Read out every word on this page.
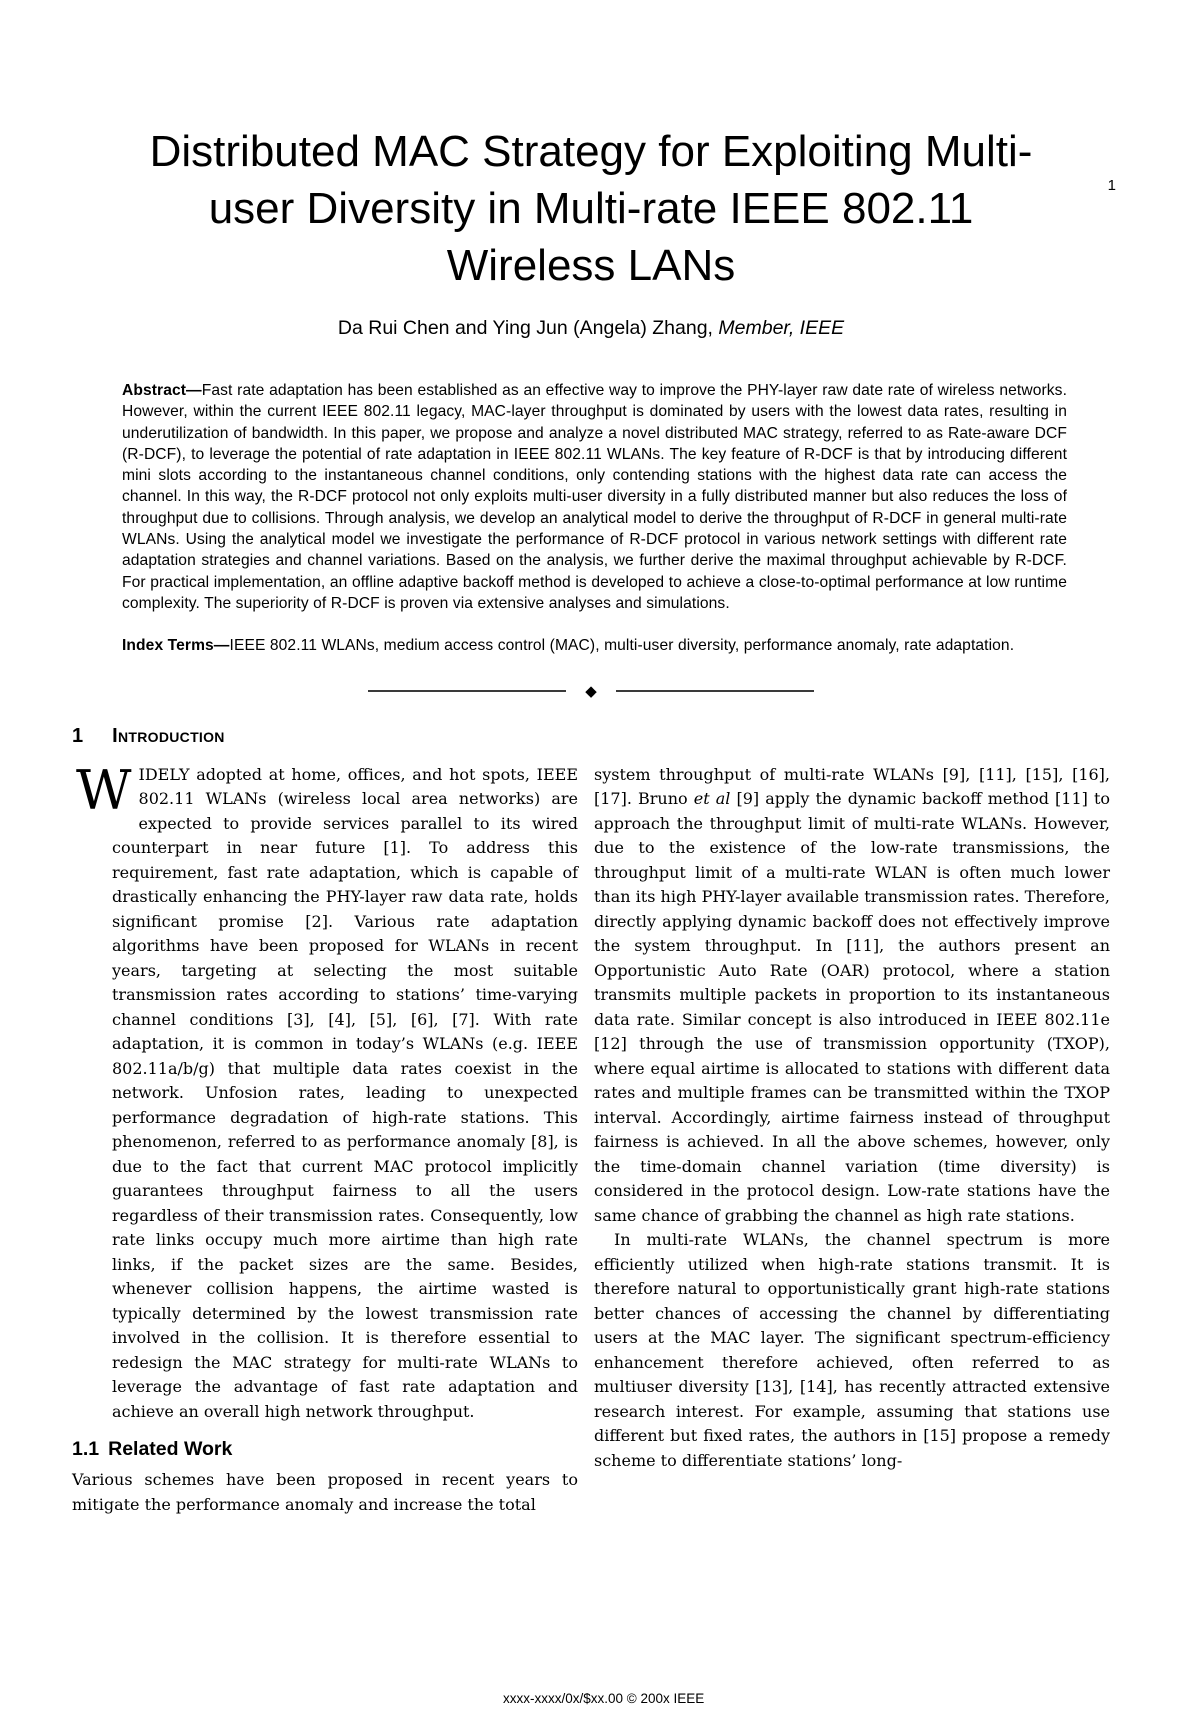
1
Distributed MAC Strategy for Exploiting Multi-
user Diversity in Multi-rate IEEE 802.11
Wireless LANs
Da Rui Chen and Ying Jun (Angela) Zhang, Member, IEEE
Abstract—Fast rate adaptation has been established as an effective way to improve the PHY-layer raw date rate of wireless networks. However, within the current IEEE 802.11 legacy, MAC-layer throughput is dominated by users with the lowest data rates, resulting in underutilization of bandwidth. In this paper, we propose and analyze a novel distributed MAC strategy, referred to as Rate-aware DCF (R-DCF), to leverage the potential of rate adaptation in IEEE 802.11 WLANs. The key feature of R-DCF is that by introducing different mini slots according to the instantaneous channel conditions, only contending stations with the highest data rate can access the channel. In this way, the R-DCF protocol not only exploits multi-user diversity in a fully distributed manner but also reduces the loss of throughput due to collisions. Through analysis, we develop an analytical model to derive the throughput of R-DCF in general multi-rate WLANs. Using the analytical model we investigate the performance of R-DCF protocol in various network settings with different rate adaptation strategies and channel variations. Based on the analysis, we further derive the maximal throughput achievable by R-DCF. For practical implementation, an offline adaptive backoff method is developed to achieve a close-to-optimal performance at low runtime complexity. The superiority of R-DCF is proven via extensive analyses and simulations.
Index Terms—IEEE 802.11 WLANs, medium access control (MAC), multi-user diversity, performance anomaly, rate adaptation.
◆
1 Introduction

WIDELY adopted at home, offices, and hot spots, IEEE 802.11 WLANs (wireless local area networks) are expected to provide services parallel to its wired counterpart in near future [1]. To address this requirement, fast rate adaptation, which is capable of drastically enhancing the PHY-layer raw data rate, holds significant promise [2]. Various rate adaptation algorithms have been proposed for WLANs in recent years, targeting at selecting the most suitable transmission rates according to stations’ time-varying channel conditions [3], [4], [5], [6], [7]. With rate adaptation, it is common in today’s WLANs (e.g. IEEE 802.11a/b/g) that multiple data rates coexist in the network. Unfosion rates, leading to unexpected performance degradation of high-rate stations. This phenomenon, referred to as performance anomaly [8], is due to the fact that current MAC protocol implicitly guarantees throughput fairness to all the users regardless of their transmission rates. Consequently, low rate links occupy much more airtime than high rate links, if the packet sizes are the same. Besides, whenever collision happens, the airtime wasted is typically determined by the lowest transmission rate involved in the collision. It is therefore essential to redesign the MAC strategy for multi-rate WLANs to leverage the advantage of fast rate adaptation and achieve an overall high network throughput.

1.1 Related Work

Various schemes have been proposed in recent years to mitigate the performance anomaly and increase the total

system throughput of multi-rate WLANs [9], [11], [15], [16], [17]. Bruno et al [9] apply the dynamic backoff method [11] to approach the throughput limit of multi-rate WLANs. However, due to the existence of the low-rate transmissions, the throughput limit of a multi-rate WLAN is often much lower than its high PHY-layer available transmission rates. Therefore, directly applying dynamic backoff does not effectively improve the system throughput. In [11], the authors present an Opportunistic Auto Rate (OAR) protocol, where a station transmits multiple packets in proportion to its instantaneous data rate. Similar concept is also introduced in IEEE 802.11e [12] through the use of transmission opportunity (TXOP), where equal airtime is allocated to stations with different data rates and multiple frames can be transmitted within the TXOP interval. Accordingly, airtime fairness instead of throughput fairness is achieved. In all the above schemes, however, only the time-domain channel variation (time diversity) is considered in the protocol design. Low-rate stations have the same chance of grabbing the channel as high rate stations.

In multi-rate WLANs, the channel spectrum is more efficiently utilized when high-rate stations transmit. It is therefore natural to opportunistically grant high-rate stations better chances of accessing the channel by differentiating users at the MAC layer. The significant spectrum-efficiency enhancement therefore achieved, often referred to as multiuser diversity [13], [14], has recently attracted extensive research interest. For example, assuming that stations use different but fixed rates, the authors in [15] propose a remedy scheme to differentiate stations’ long-

xxxx-xxxx/0x/$xx.00 © 200x IEEE
